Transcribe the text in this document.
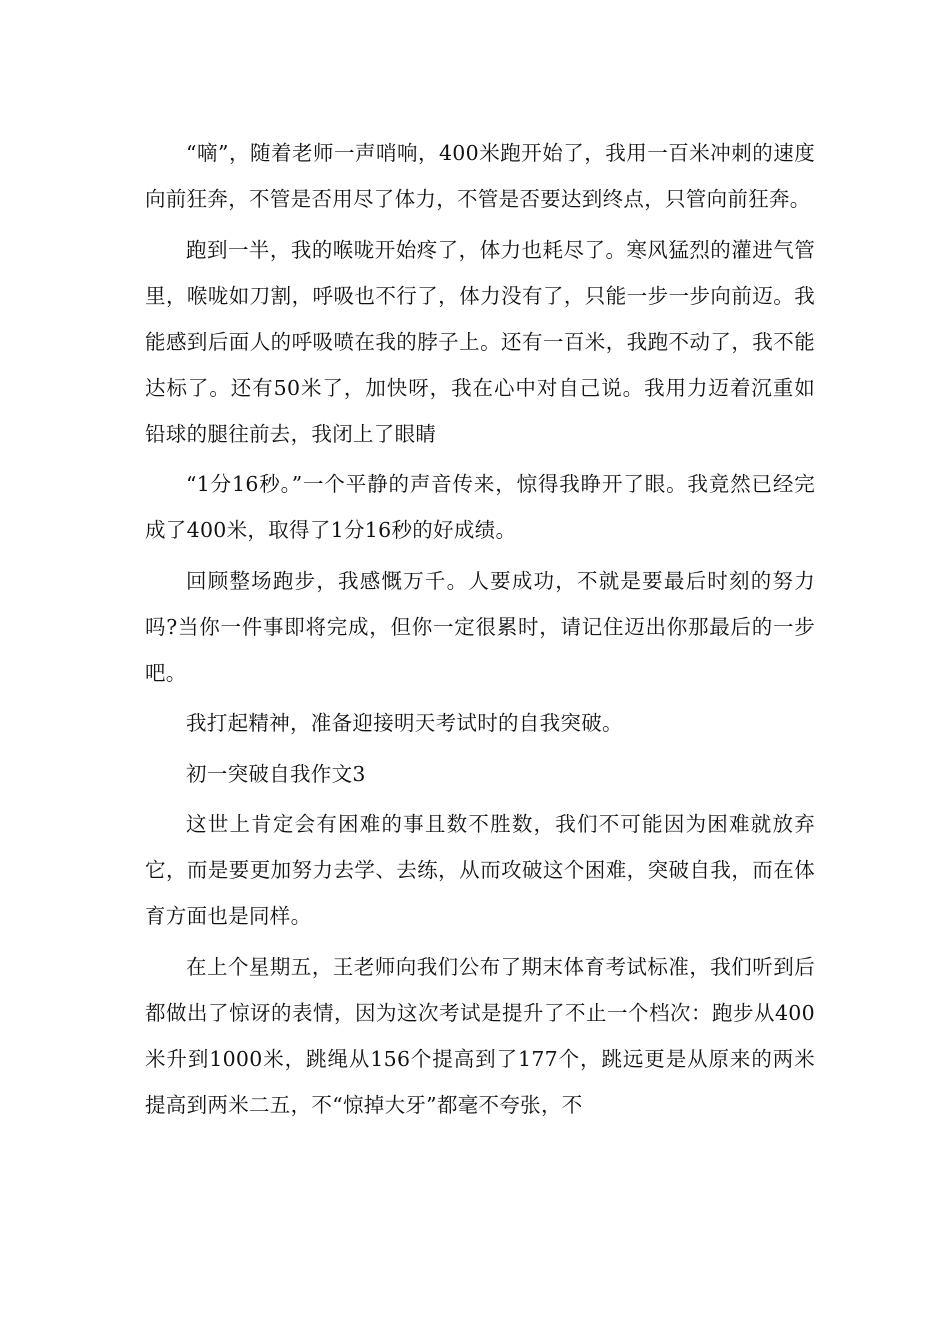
“嘀”，随着老师一声哨响，400米跑开始了，我用一百米冲刺的速度向前狂奔，不管是否用尽了体力，不管是否要达到终点，只管向前狂奔。

跑到一半，我的喉咙开始疼了，体力也耗尽了。寒风猛烈的灌进气管里，喉咙如刀割，呼吸也不行了，体力没有了，只能一步一步向前迈。我能感到后面人的呼吸喷在我的脖子上。还有一百米，我跑不动了，我不能达标了。还有50米了，加快呀，我在心中对自己说。我用力迈着沉重如铅球的腿往前去，我闭上了眼睛

“1分16秒。”一个平静的声音传来，惊得我睁开了眼。我竟然已经完成了400米，取得了1分16秒的好成绩。

回顾整场跑步，我感慨万千。人要成功，不就是要最后时刻的努力吗?当你一件事即将完成，但你一定很累时，请记住迈出你那最后的一步吧。

我打起精神，准备迎接明天考试时的自我突破。

初一突破自我作文3

这世上肯定会有困难的事且数不胜数，我们不可能因为困难就放弃它，而是要更加努力去学、去练，从而攻破这个困难，突破自我，而在体育方面也是同样。

在上个星期五，王老师向我们公布了期末体育考试标准，我们听到后都做出了惊讶的表情，因为这次考试是提升了不止一个档次：跑步从400米升到1000米，跳绳从156个提高到了177个，跳远更是从原来的两米提高到两米二五，不“惊掉大牙”都毫不夸张，不
